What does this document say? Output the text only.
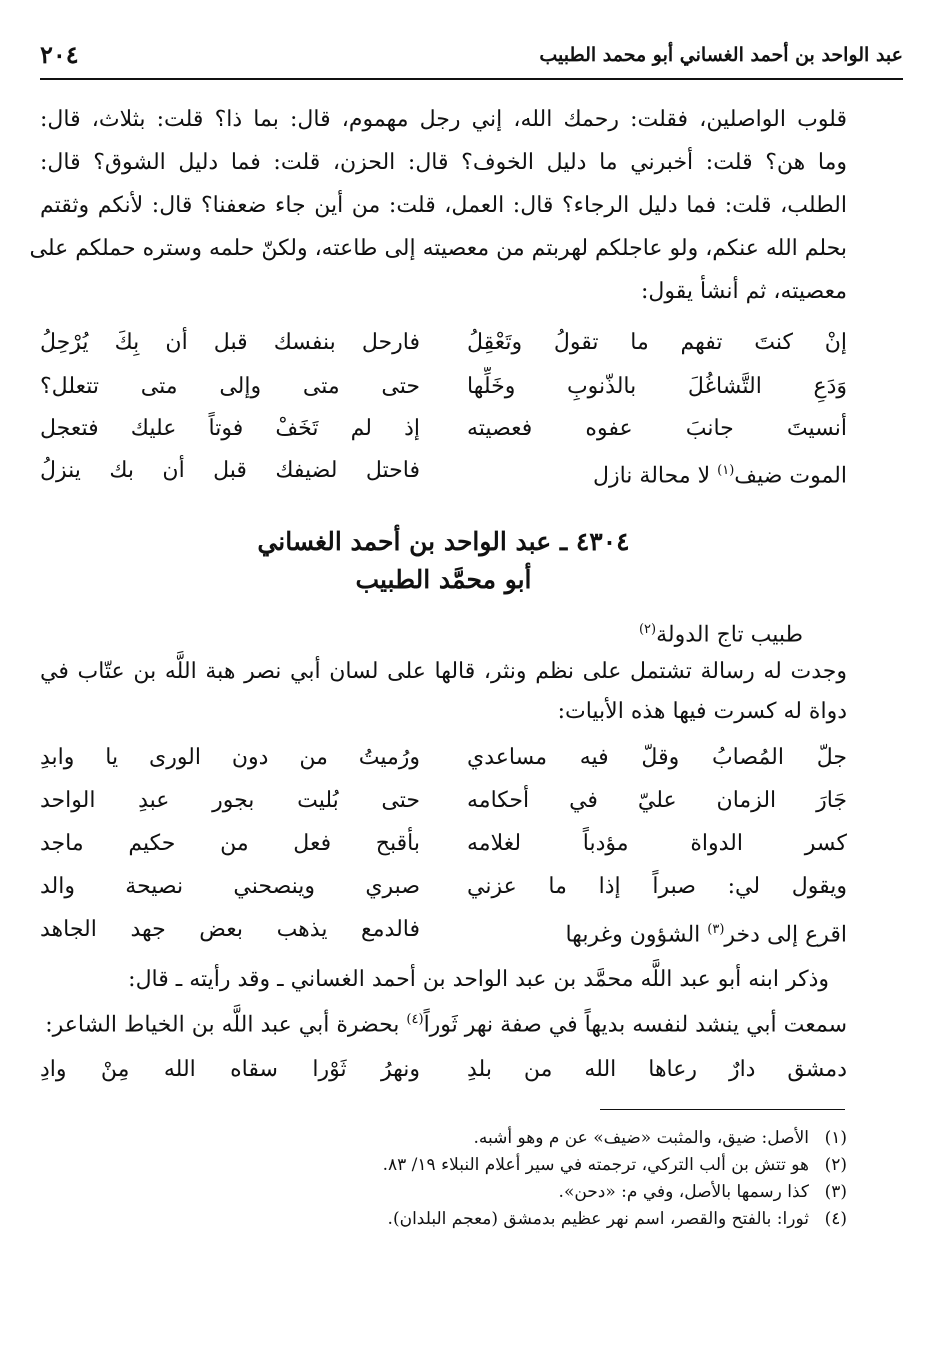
عبد الواحد بن أحمد الغساني أبو محمد الطبيب
٢٠٤
قلوب الواصلين، فقلت: رحمك الله، إني رجل مهموم، قال: بما ذا؟ قلت: بثلاث، قال:
وما هن؟ قلت: أخبرني ما دليل الخوف؟ قال: الحزن، قلت: فما دليل الشوق؟ قال:
الطلب، قلت: فما دليل الرجاء؟ قال: العمل، قلت: من أين جاء ضعفنا؟ قال: لأنكم وثقتم
بحلم الله عنكم، ولو عاجلكم لهربتم من معصيته إلى طاعته، ولكنّ حلمه وستره حملكم على
معصيته، ثم أنشأ يقول:
إنْ كنتَ تفهم ما تقولُ وتَعْقِلُ
فارحل بنفسك قبل أن بِكَ يُرْحِلُ
وَدَعِ التَّشاغُلَ بالذّنوبِ وخَلِّها
حتى متى وإلى متى تتعلل؟
أنسيتَ جانبَ عفوه فعصيته
إذ لم تَخَفْ فوتاً عليك فتعجل
الموت ضيف$^{(١)}$ لا محالة نازل
فاحتل لضيفك قبل أن بك ينزلُ
٤٣٠٤ ـ عبد الواحد بن أحمد الغساني
أبو محمَّد الطبيب
طبيب تاج الدولة$^{(٢)}$
وجدت له رسالة تشتمل على نظم ونثر، قالها على لسان أبي نصر هبة اللَّه بن عتّاب في
دواة له كسرت فيها هذه الأبيات:
جلّ المُصابُ وقلّ فيه مساعدي
ورُميتُ من دون الورى يا وابدِ
جَارَ الزمان عليّ في أحكامه
حتى بُليت بجور عبدِ الواحد
كسر الدواة مؤدباً لغلامه
بأقبح فعل من حكيم ماجد
ويقول لي: صبراً إذا ما عزني
صبري وينصحني نصيحة والد
اقرع إلى دخر$^{(٣)}$ الشؤون وغربها
فالدمع يذهب بعض جهد الجاهد
وذكر ابنه أبو عبد اللَّه محمَّد بن عبد الواحد بن أحمد الغساني ـ وقد رأيته ـ قال:
سمعت أبي ينشد لنفسه بديهاً في صفة نهر ثَوراً$^{(٤)}$ بحضرة أبي عبد اللَّه بن الخياط الشاعر:
دمشق دارٌ رعاها الله من بلدِ
ونهرُ ثَوْرا سقاه الله مِنْ وادِ
(١)الأصل: ضيق، والمثبت «ضيف» عن م وهو أشبه.
(٢)هو تتش بن ألب التركي، ترجمته في سير أعلام النبلاء ١٩/ ٨٣.
(٣)كذا رسمها بالأصل، وفي م: «دحن».
(٤)ثورا: بالفتح والقصر، اسم نهر عظيم بدمشق (معجم البلدان).
